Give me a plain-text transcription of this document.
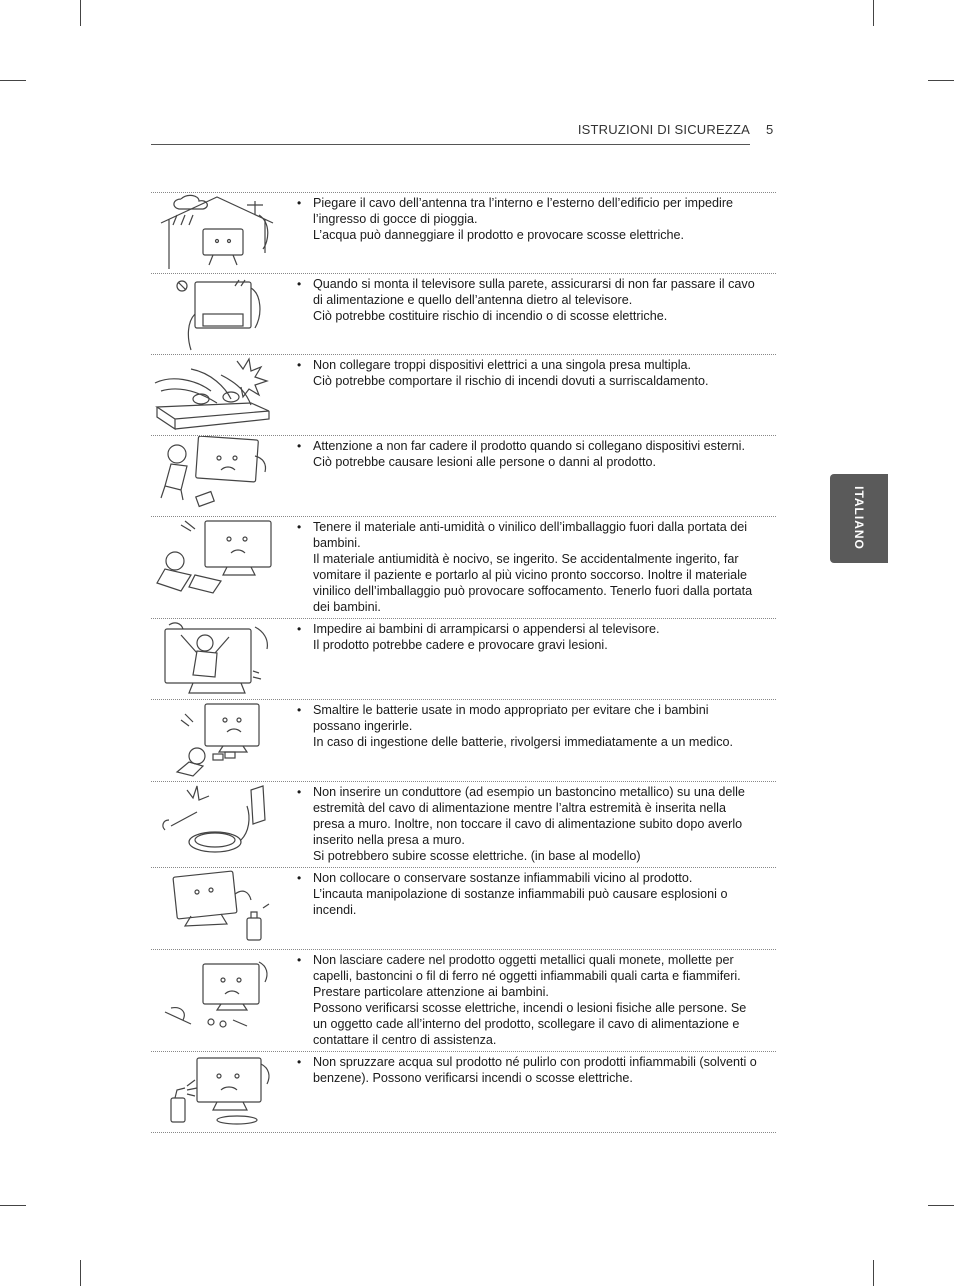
ISTRUZIONI DI SICUREZZA 5
ITALIANO
• Piegare il cavo dell’antenna tra l’interno e l’esterno dell’edificio per impedire l’ingresso di gocce di pioggia.

L’acqua può danneggiare il prodotto e provocare scosse elettriche.

• Quando si monta il televisore sulla parete, assicurarsi di non far passare il cavo di alimentazione e quello dell’antenna dietro al televisore.

Ciò potrebbe costituire rischio di incendio o di scosse elettriche.

• Non collegare troppi dispositivi elettrici a una singola presa multipla.

Ciò potrebbe comportare il rischio di incendi dovuti a surriscaldamento.

• Attenzione a non far cadere il prodotto quando si collegano dispositivi esterni.

Ciò potrebbe causare lesioni alle persone o danni al prodotto.

• Tenere il materiale anti-umidità o vinilico dell’imballaggio fuori dalla portata dei bambini.

Il materiale antiumidità è nocivo, se ingerito. Se accidentalmente ingerito, far vomitare il paziente e portarlo al più vicino pronto soccorso. Inoltre il materiale vinilico dell’imballaggio può provocare soffocamento. Tenerlo fuori dalla portata dei bambini.

• Impedire ai bambini di arrampicarsi o appendersi al televisore.

Il prodotto potrebbe cadere e provocare gravi lesioni.

• Smaltire le batterie usate in modo appropriato per evitare che i bambini possano ingerirle.

In caso di ingestione delle batterie, rivolgersi immediatamente a un medico.

• Non inserire un conduttore (ad esempio un bastoncino metallico) su una delle estremità del cavo di alimentazione mentre l’altra estremità è inserita nella presa a muro. Inoltre, non toccare il cavo di alimentazione subito dopo averlo inserito nella presa a muro.

Si potrebbero subire scosse elettriche. (in base al modello)

• Non collocare o conservare sostanze infiammabili vicino al prodotto.

L’incauta manipolazione di sostanze infiammabili può causare esplosioni o incendi.

• Non lasciare cadere nel prodotto oggetti metallici quali monete, mollette per capelli, bastoncini o fil di ferro né oggetti infiammabili quali carta e fiammiferi. Prestare particolare attenzione ai bambini.

Possono verificarsi scosse elettriche, incendi o lesioni fisiche alle persone. Se un oggetto cade all’interno del prodotto, scollegare il cavo di alimentazione e contattare il centro di assistenza.

• Non spruzzare acqua sul prodotto né pulirlo con prodotti infiammabili (solventi o benzene). Possono verificarsi incendi o scosse elettriche.
